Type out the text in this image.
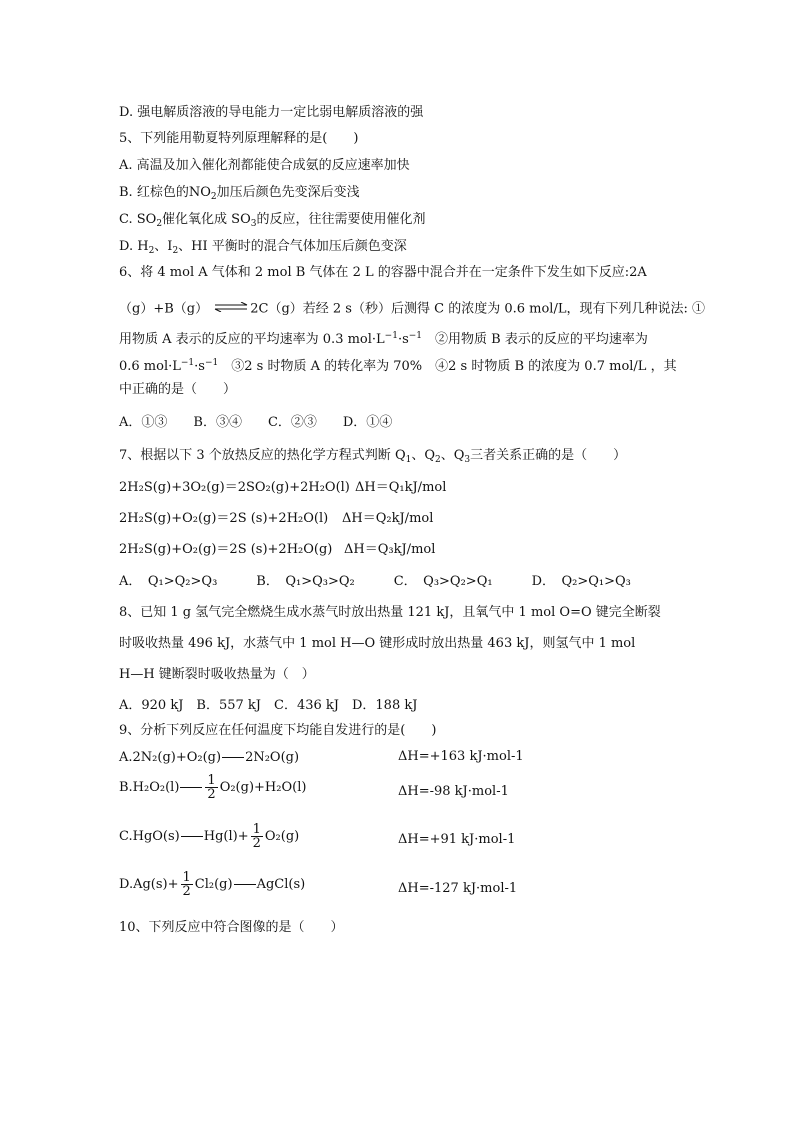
D. 强电解质溶液的导电能力一定比弱电解质溶液的强
5、下列能用勒夏特列原理解释的是(　　)
A. 高温及加入催化剂都能使合成氨的反应速率加快
B. 红棕色的$NO_2$加压后颜色先变深后变浅
C. $SO_2$催化氧化成 $SO_3$的反应，往往需要使用催化剂
D. $H_2$、$I_2$、HI 平衡时的混合气体加压后颜色变深
6、将 4 mol A 气体和 2 mol B 气体在 2 L 的容器中混合并在一定条件下发生如下反应:2A
（g）+B（g） ⇌ 2C（g）若经 2 s（秒）后测得 C 的浓度为 0.6 mol/L，现有下列几种说法: ①
用物质 A 表示的反应的平均速率为 0.3 $mol\cdot L^{-1}\cdot s^{-1}$　②用物质 B 表示的反应的平均速率为
0.6 $mol\cdot L^{-1}\cdot s^{-1}$　③2 s 时物质 A 的转化率为 70%　④2 s 时物质 B 的浓度为 0.7 mol/L ，其
中正确的是（　　）
A．①③　　B．③④　　C．②③　　D．①④
7、根据以下 3 个放热反应的热化学方程式判断 $Q_1$、$Q_2$、$Q_3$三者关系正确的是（　　）
2H₂S(g)+3O₂(g)＝2SO₂(g)+2H₂O(l) ΔH＝Q₁kJ/mol
2H₂S(g)+O₂(g)＝2S (s)+2H₂O(l) ΔH＝Q₂kJ/mol
2H₂S(g)+O₂(g)＝2S (s)+2H₂O(g) ΔH＝Q₃kJ/mol
A．　Q₁>Q₂>Q₃　　　B．　Q₁>Q₃>Q₂　　　C．　Q₃>Q₂>Q₁　　　D．　Q₂>Q₁>Q₃
8、已知 1 g 氢气完全燃烧生成水蒸气时放出热量 121 kJ，且氧气中 1 mol O=O 键完全断裂
时吸收热量 496 kJ，水蒸气中 1 mol H—O 键形成时放出热量 463 kJ，则氢气中 1 mol
H—H 键断裂时吸收热量为（　）
A．920 kJ　B．557 kJ　C．436 kJ　D．188 kJ
9、分析下列反应在任何温度下均能自发进行的是(　　)
A.2N₂(g)+O₂(g) 2N₂O(g)	ΔH=+163 kJ·mol-1
$B.H_2O_2(l) \frac{1}{2} O_2(g)+H_2O(l)$	ΔH=-98 kJ·mol-1
C.HgO(s) $Hg(l)+ \frac{1}{2} O_2(g)$	ΔH=+91 kJ·mol-1
$D.Ag(s)+ \frac{1}{2} Cl_2(g)$ AgCl(s)	ΔH=-127 kJ·mol-1
10、下列反应中符合图像的是（　　）
